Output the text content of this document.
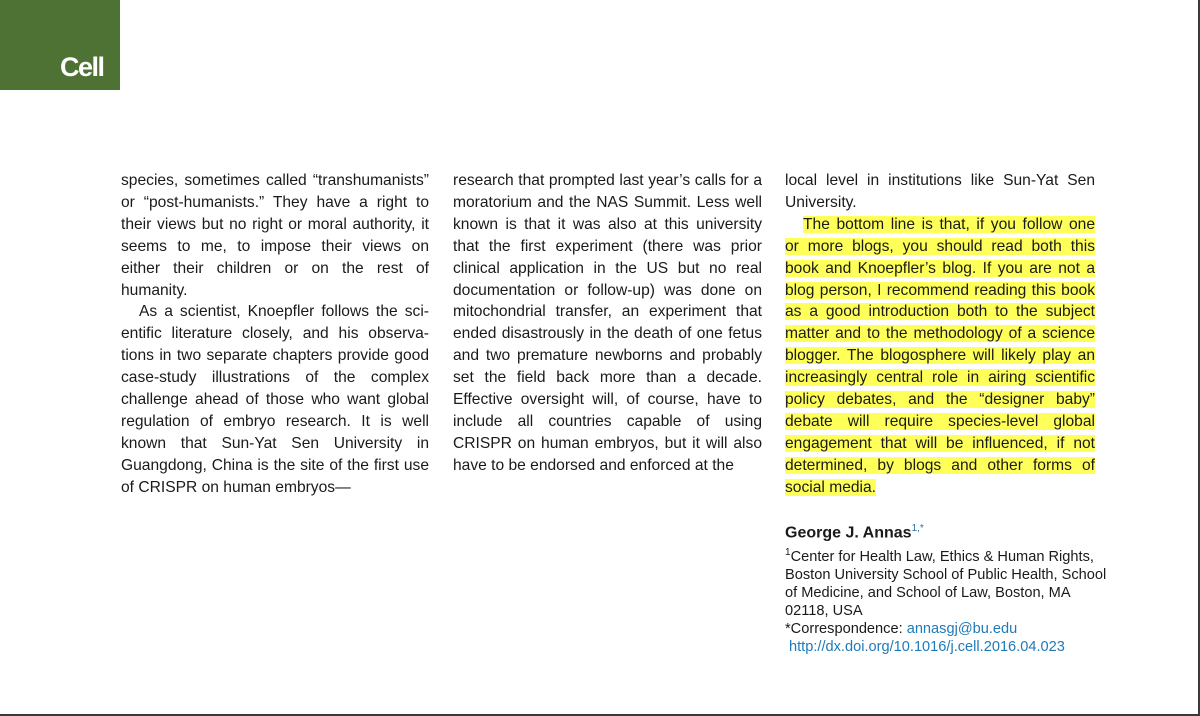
Cell

species, sometimes called “transhumanists” or “post-humanists.” They have a right to their views but no right or moral authority, it seems to me, to impose their views on either their children or on the rest of humanity.

As a scientist, Knoepfler follows the scientific literature closely, and his observations in two separate chapters provide good case-study illustrations of the complex challenge ahead of those who want global regulation of embryo research. It is well known that Sun-Yat Sen University in Guangdong, China is the site of the first use of CRISPR on human embryos—

research that prompted last year’s calls for a moratorium and the NAS Summit. Less well known is that it was also at this university that the first experiment (there was prior clinical application in the US but no real documentation or follow-up) was done on mitochondrial transfer, an experiment that ended disastrously in the death of one fetus and two premature newborns and probably set the field back more than a decade. Effective oversight will, of course, have to include all countries capable of using CRISPR on human embryos, but it will also have to be endorsed and enforced at the

local level in institutions like Sun-Yat Sen University.

The bottom line is that, if you follow one or more blogs, you should read both this book and Knoepfler’s blog. If you are not a blog person, I recommend reading this book as a good introduction both to the subject matter and to the methodology of a science blogger. The blogosphere will likely play an increasingly central role in airing scientific policy debates, and the “designer baby” debate will require species-level global engagement that will be influenced, if not determined, by blogs and other forms of social media.

George J. Annas$^{1,*}$
$^1$Center for Health Law, Ethics & Human Rights, Boston University School of Public Health, School of Medicine, and School of Law, Boston, MA 02118, USA
*Correspondence: annasgj@bu.edu
http://dx.doi.org/10.1016/j.cell.2016.04.023
